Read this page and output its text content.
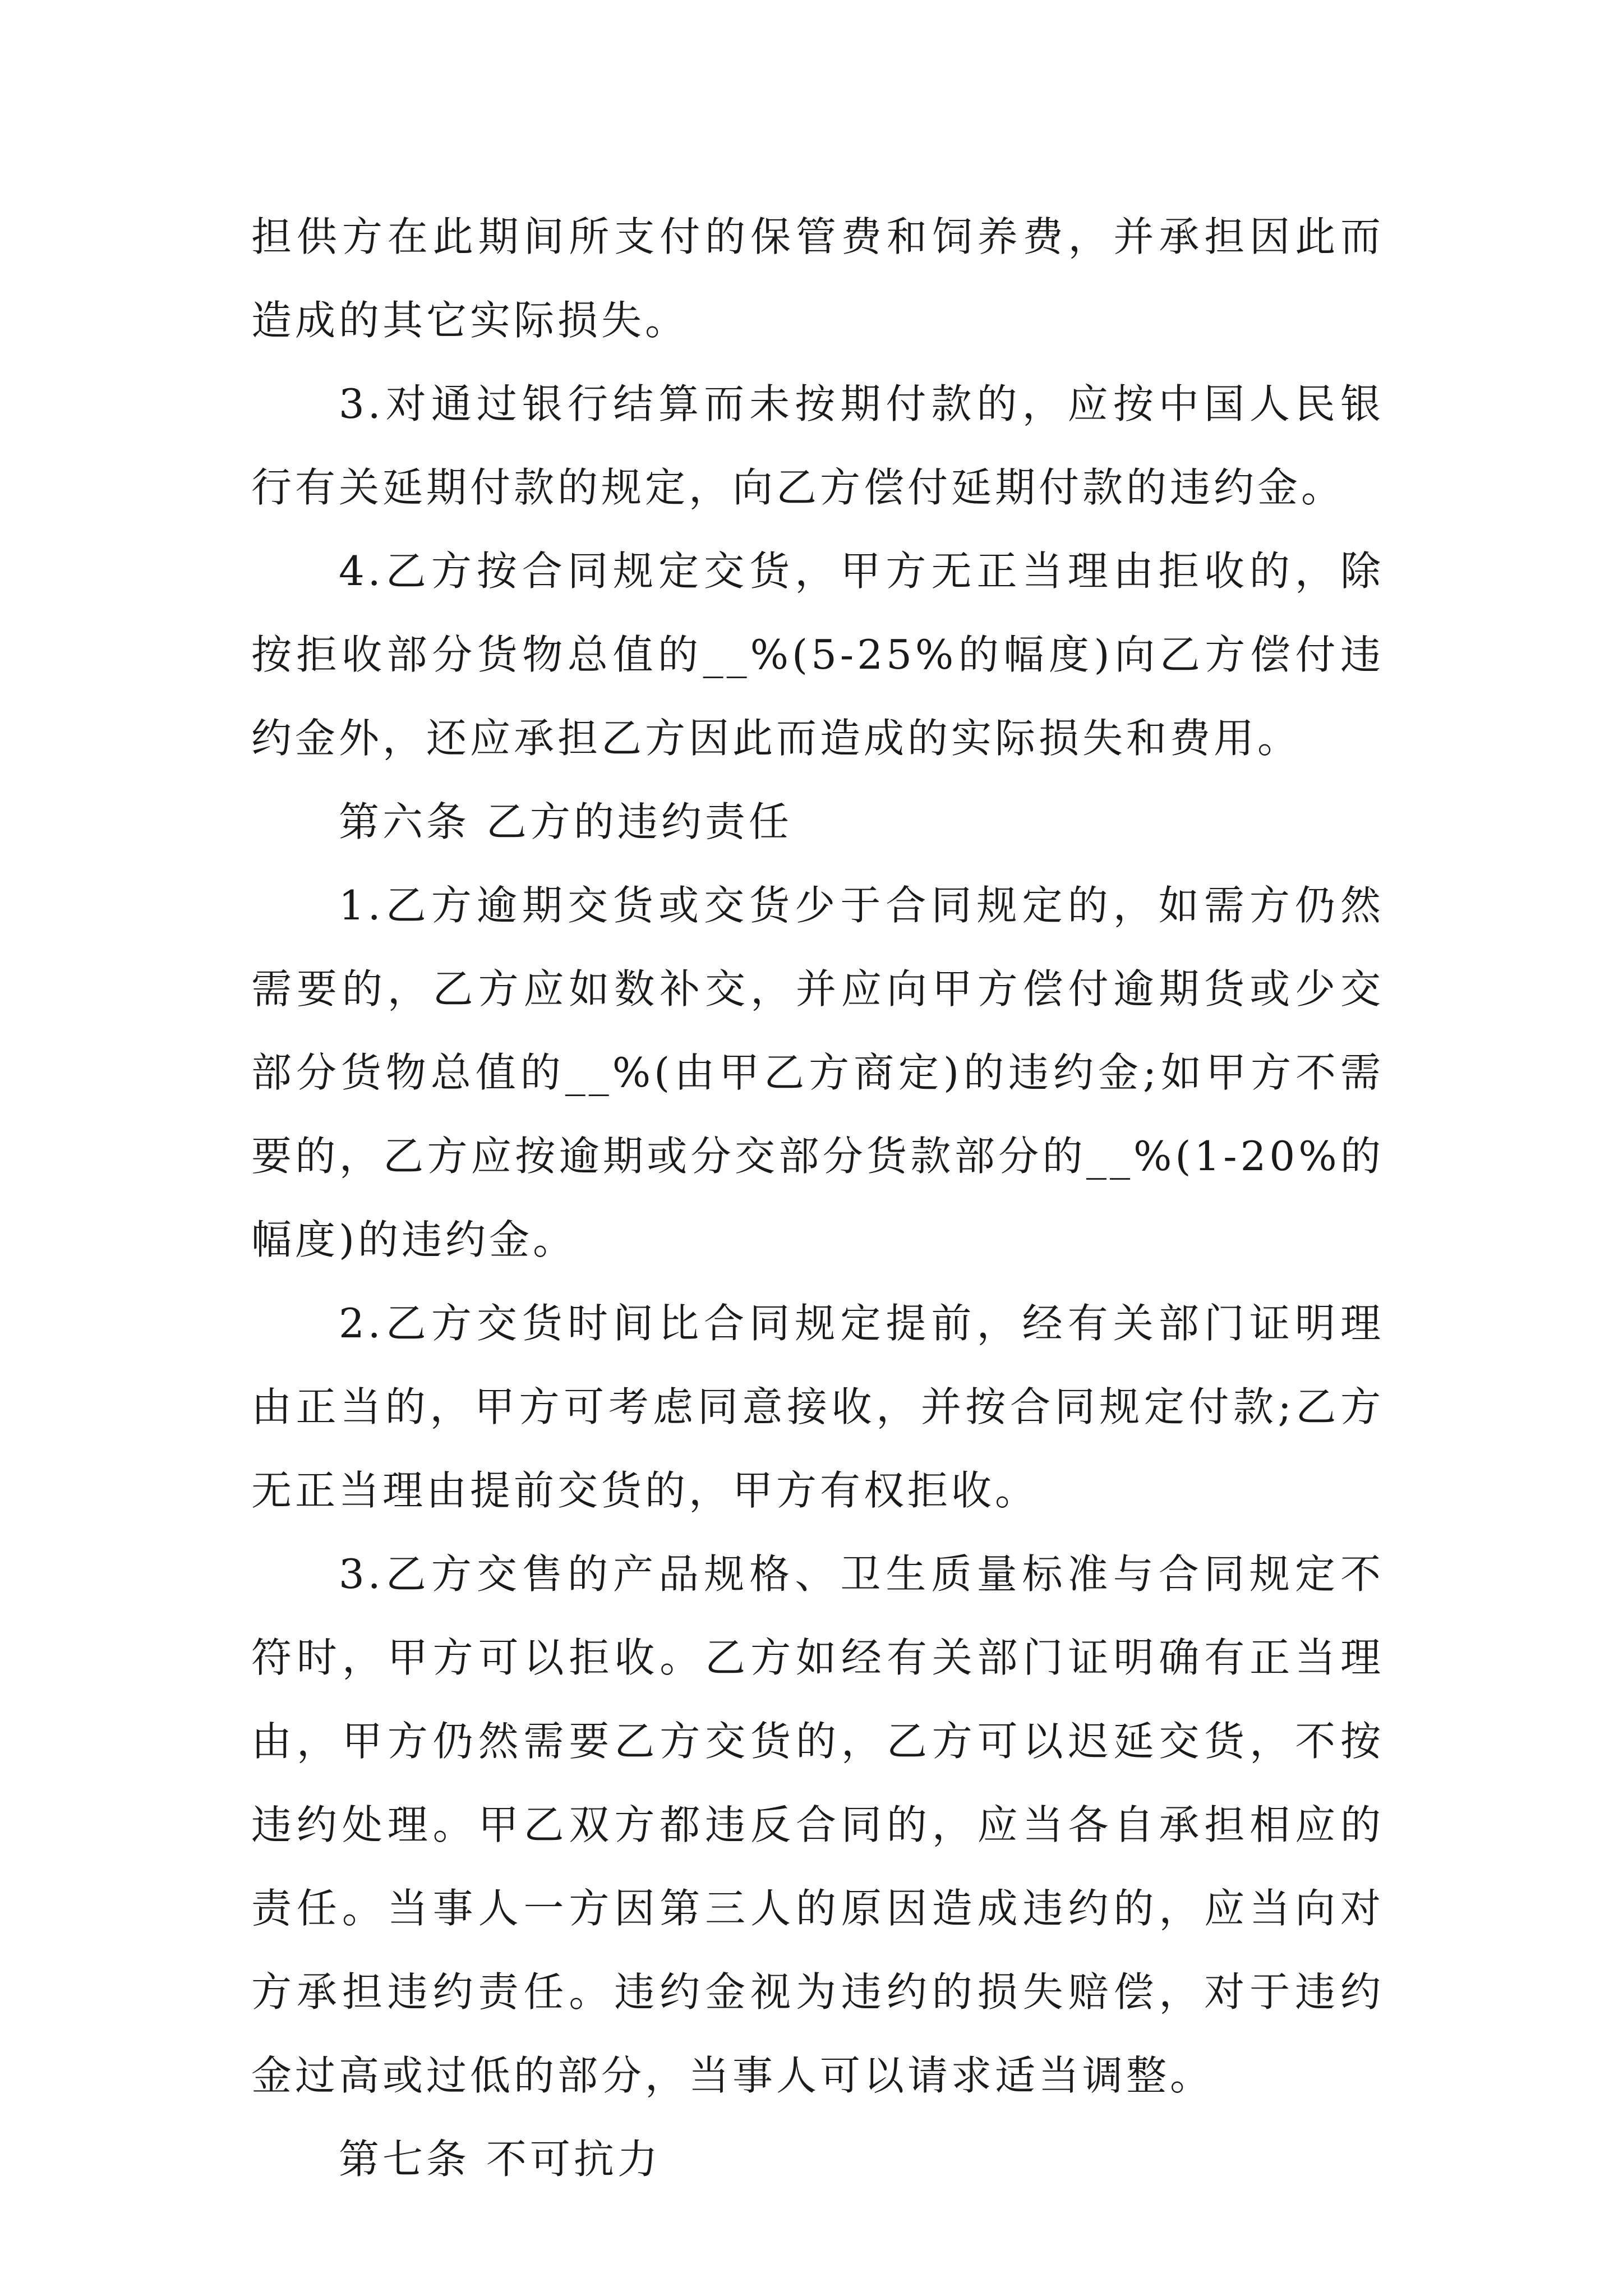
担供方在此期间所支付的保管费和饲养费，并承担因此而造成的其它实际损失。

3.对通过银行结算而未按期付款的，应按中国人民银行有关延期付款的规定，向乙方偿付延期付款的违约金。

4.乙方按合同规定交货，甲方无正当理由拒收的，除按拒收部分货物总值的__%(5-25%的幅度)向乙方偿付违约金外，还应承担乙方因此而造成的实际损失和费用。

第六条 乙方的违约责任

1.乙方逾期交货或交货少于合同规定的，如需方仍然需要的，乙方应如数补交，并应向甲方偿付逾期货或少交部分货物总值的__%(由甲乙方商定)的违约金;如甲方不需要的，乙方应按逾期或分交部分货款部分的__%(1-20%的幅度)的违约金。

2.乙方交货时间比合同规定提前，经有关部门证明理由正当的，甲方可考虑同意接收，并按合同规定付款;乙方无正当理由提前交货的，甲方有权拒收。

3.乙方交售的产品规格、卫生质量标准与合同规定不符时，甲方可以拒收。乙方如经有关部门证明确有正当理由，甲方仍然需要乙方交货的，乙方可以迟延交货，不按违约处理。甲乙双方都违反合同的，应当各自承担相应的责任。当事人一方因第三人的原因造成违约的，应当向对方承担违约责任。违约金视为违约的损失赔偿，对于违约金过高或过低的部分，当事人可以请求适当调整。

第七条 不可抗力
